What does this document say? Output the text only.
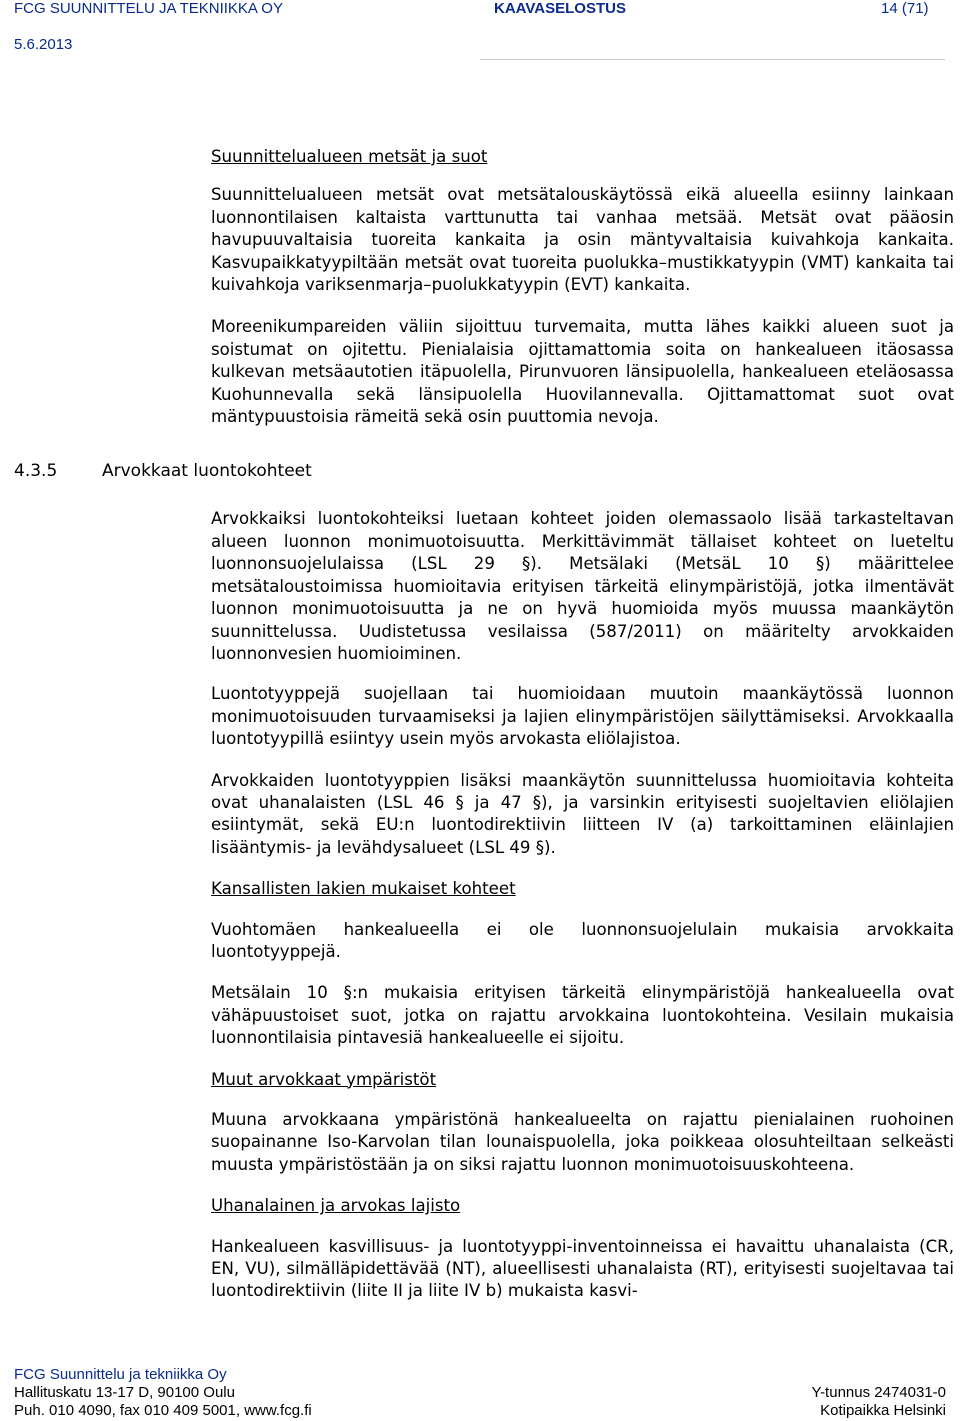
FCG SUUNNITTELU JA TEKNIIKKA OY	KAAVASELOSTUS	14 (71)
5.6.2013
4.3.5	Arvokkaat luontokohteet

Suunnittelualueen metsät ja suot

Suunnittelualueen metsät ovat metsätalouskäytössä eikä alueella esiinny lainkaan luonnontilaisen kaltaista varttunutta tai vanhaa metsää. Metsät ovat pääosin havupuuvaltaisia tuoreita kankaita ja osin mäntyvaltaisia kuivahkoja kankaita. Kasvupaikkatyypiltään metsät ovat tuoreita puolukka–mustikkatyypin (VMT) kankaita tai kuivahkoja variksenmarja–puolukkatyypin (EVT) kankaita.

Moreenikumpareiden väliin sijoittuu turvemaita, mutta lähes kaikki alueen suot ja soistumat on ojitettu. Pienialaisia ojittamattomia soita on hankealueen itäosassa kulkevan metsäautotien itäpuolella, Pirunvuoren länsipuolella, hankealueen eteläosassa Kuohunnevalla sekä länsipuolella Huovilannevalla. Ojittamattomat suot ovat mäntypuustoisia rämeitä sekä osin puuttomia nevoja.

Arvokkaiksi luontokohteiksi luetaan kohteet joiden olemassaolo lisää tarkasteltavan alueen luonnon monimuotoisuutta. Merkittävimmät tällaiset kohteet on lueteltu luonnonsuojelulaissa (LSL 29 §). Metsälaki (MetsäL 10 §) määrittelee metsätaloustoimissa huomioitavia erityisen tärkeitä elinympäristöjä, jotka ilmentävät luonnon monimuotoisuutta ja ne on hyvä huomioida myös muussa maankäytön suunnittelussa. Uudistetussa vesilaissa (587/2011) on määritelty arvokkaiden luonnonvesien huomioiminen.

Luontotyyppejä suojellaan tai huomioidaan muutoin maankäytössä luonnon monimuotoisuuden turvaamiseksi ja lajien elinympäristöjen säilyttämiseksi. Arvokkaalla luontotyypillä esiintyy usein myös arvokasta eliölajistoa.

Arvokkaiden luontotyyppien lisäksi maankäytön suunnittelussa huomioitavia kohteita ovat uhanalaisten (LSL 46 § ja 47 §), ja varsinkin erityisesti suojeltavien eliölajien esiintymät, sekä EU:n luontodirektiivin liitteen IV (a) tarkoittaminen eläinlajien lisääntymis- ja levähdysalueet (LSL 49 §).

Kansallisten lakien mukaiset kohteet

Vuohtomäen hankealueella ei ole luonnonsuojelulain mukaisia arvokkaita luontotyyppejä.

Metsälain 10 §:n mukaisia erityisen tärkeitä elinympäristöjä hankealueella ovat vähäpuustoiset suot, jotka on rajattu arvokkaina luontokohteina. Vesilain mukaisia luonnontilaisia pintavesiä hankealueelle ei sijoitu.

Muut arvokkaat ympäristöt

Muuna arvokkaana ympäristönä hankealueelta on rajattu pienialainen ruohoinen suopainanne Iso-Karvolan tilan lounaispuolella, joka poikkeaa olosuhteiltaan selkeästi muusta ympäristöstään ja on siksi rajattu luonnon monimuotoisuuskohteena.

Uhanalainen ja arvokas lajisto

Hankealueen kasvillisuus- ja luontotyyppi-inventoinneissa ei havaittu uhanalaista (CR, EN, VU), silmälläpidettävää (NT), alueellisesti uhanalaista (RT), erityisesti suojeltavaa tai luontodirektiivin (liite II ja liite IV b) mukaista kasvi-

FCG Suunnittelu ja tekniikka Oy
Hallituskatu 13-17 D, 90100 Oulu
Puh. 010 4090, fax 010 409 5001, www.fcg.fi
Y-tunnus 2474031-0
Kotipaikka Helsinki
